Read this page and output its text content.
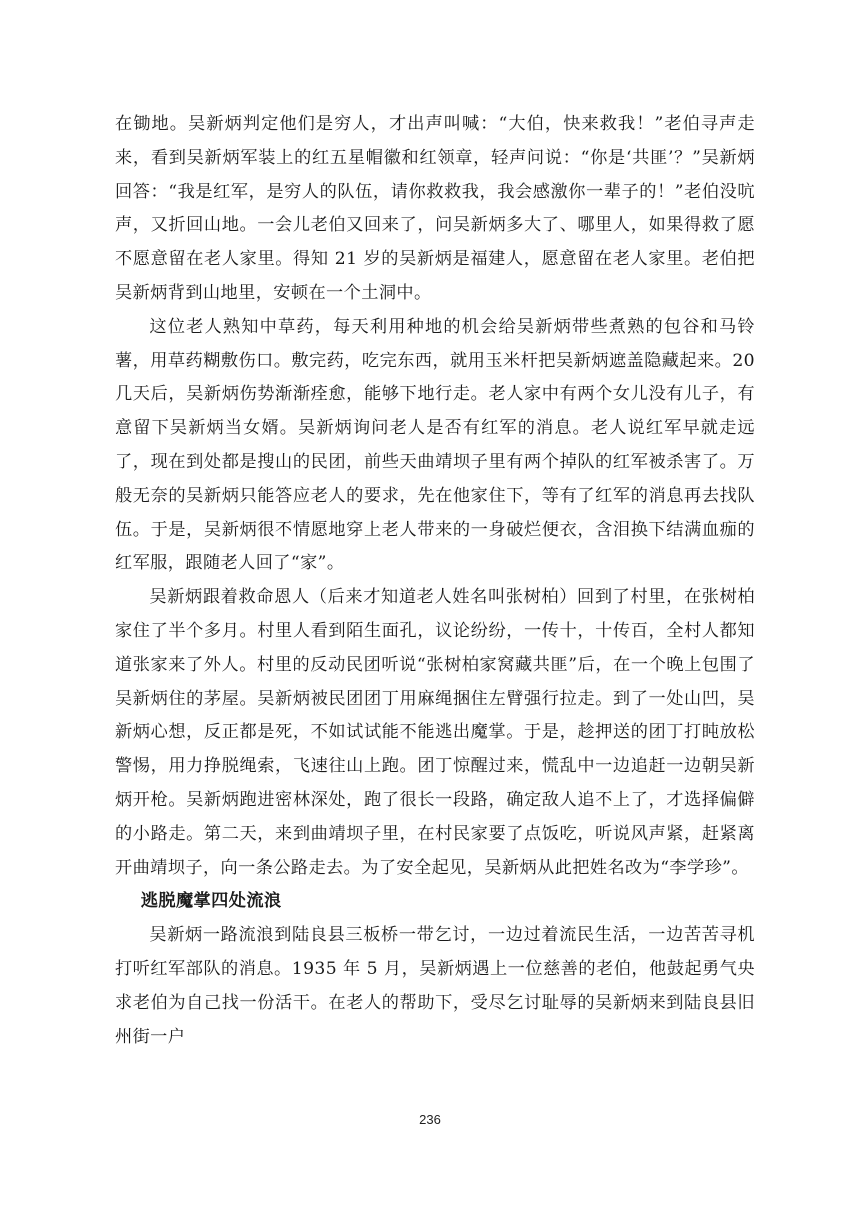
在锄地。吴新炳判定他们是穷人，才出声叫喊：“大伯，快来救我！”老伯寻声走来，看到吴新炳军装上的红五星帽徽和红领章，轻声问说：“你是‘共匪’？”吴新炳回答：“我是红军，是穷人的队伍，请你救救我，我会感激你一辈子的！”老伯没吭声，又折回山地。一会儿老伯又回来了，问吴新炳多大了、哪里人，如果得救了愿不愿意留在老人家里。得知 21 岁的吴新炳是福建人，愿意留在老人家里。老伯把吴新炳背到山地里，安顿在一个土洞中。

这位老人熟知中草药，每天利用种地的机会给吴新炳带些煮熟的包谷和马铃薯，用草药糊敷伤口。敷完药，吃完东西，就用玉米杆把吴新炳遮盖隐藏起来。20 几天后，吴新炳伤势渐渐痊愈，能够下地行走。老人家中有两个女儿没有儿子，有意留下吴新炳当女婿。吴新炳询问老人是否有红军的消息。老人说红军早就走远了，现在到处都是搜山的民团，前些天曲靖坝子里有两个掉队的红军被杀害了。万般无奈的吴新炳只能答应老人的要求，先在他家住下，等有了红军的消息再去找队伍。于是，吴新炳很不情愿地穿上老人带来的一身破烂便衣，含泪换下结满血痂的红军服，跟随老人回了“家”。

吴新炳跟着救命恩人（后来才知道老人姓名叫张树柏）回到了村里，在张树柏家住了半个多月。村里人看到陌生面孔，议论纷纷，一传十，十传百，全村人都知道张家来了外人。村里的反动民团听说“张树柏家窝藏共匪”后，在一个晚上包围了吴新炳住的茅屋。吴新炳被民团团丁用麻绳捆住左臂强行拉走。到了一处山凹，吴新炳心想，反正都是死，不如试试能不能逃出魔掌。于是，趁押送的团丁打盹放松警惕，用力挣脱绳索，飞速往山上跑。团丁惊醒过来，慌乱中一边追赶一边朝吴新炳开枪。吴新炳跑进密林深处，跑了很长一段路，确定敌人追不上了，才选择偏僻的小路走。第二天，来到曲靖坝子里，在村民家要了点饭吃，听说风声紧，赶紧离开曲靖坝子，向一条公路走去。为了安全起见，吴新炳从此把姓名改为“李学珍”。

逃脱魔掌四处流浪

吴新炳一路流浪到陆良县三板桥一带乞讨，一边过着流民生活，一边苦苦寻机打听红军部队的消息。1935 年 5 月，吴新炳遇上一位慈善的老伯，他鼓起勇气央求老伯为自己找一份活干。在老人的帮助下，受尽乞讨耻辱的吴新炳来到陆良县旧州街一户

236
